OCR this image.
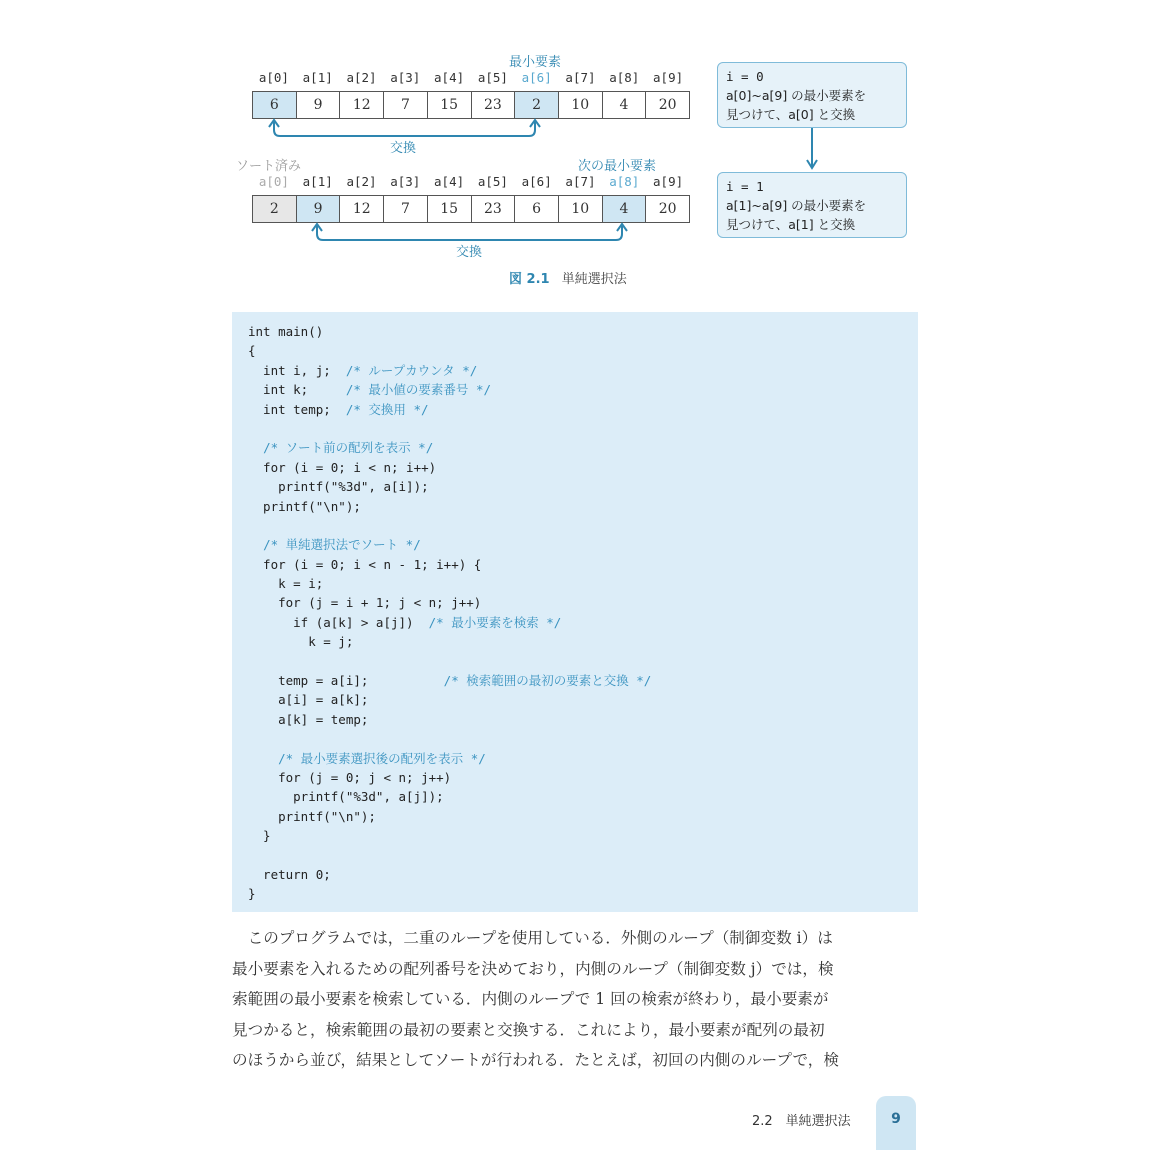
最小要素
a[0]	a[1]	a[2]	a[3]	a[4]	a[5]	a[6]	a[7]	a[8]	a[9]
6	9	12	7	15	23	2	10	4	20
交換
ソート済み	次の最小要素
a[0]	a[1]	a[2]	a[3]	a[4]	a[5]	a[6]	a[7]	a[8]	a[9]
2	9	12	7	15	23	6	10	4	20
交換
i = 0
a[0]~a[9] の最小要素を
見つけて、a[0] と交換
i = 1
a[1]~a[9] の最小要素を
見つけて、a[1] と交換
図 2.1 単純選択法
int main()
{
int i, j;  /* ループカウンタ */
int k;     /* 最小値の要素番号 */
int temp;  /* 交換用 */
/* ソート前の配列を表示 */
for (i = 0; i < n; i++)
printf("%3d", a[i]);
printf("\n");
/* 単純選択法でソート */
for (i = 0; i < n - 1; i++) {
k = i;
for (j = i + 1; j < n; j++)
if (a[k] > a[j])  /* 最小要素を検索 */
k = j;
temp = a[i];          /* 検索範囲の最初の要素と交換 */
a[i] = a[k];
a[k] = temp;
/* 最小要素選択後の配列を表示 */
for (j = 0; j < n; j++)
printf("%3d", a[j]);
printf("\n");
}
return 0;
}
　このプログラムでは，二重のループを使用している．外側のループ（制御変数 i）は
最小要素を入れるための配列番号を決めており，内側のループ（制御変数 j）では，検
索範囲の最小要素を検索している．内側のループで 1 回の検索が終わり，最小要素が
見つかると，検索範囲の最初の要素と交換する．これにより，最小要素が配列の最初
のほうから並び，結果としてソートが行われる．たとえば，初回の内側のループで，検
2.2　単純選択法	9
